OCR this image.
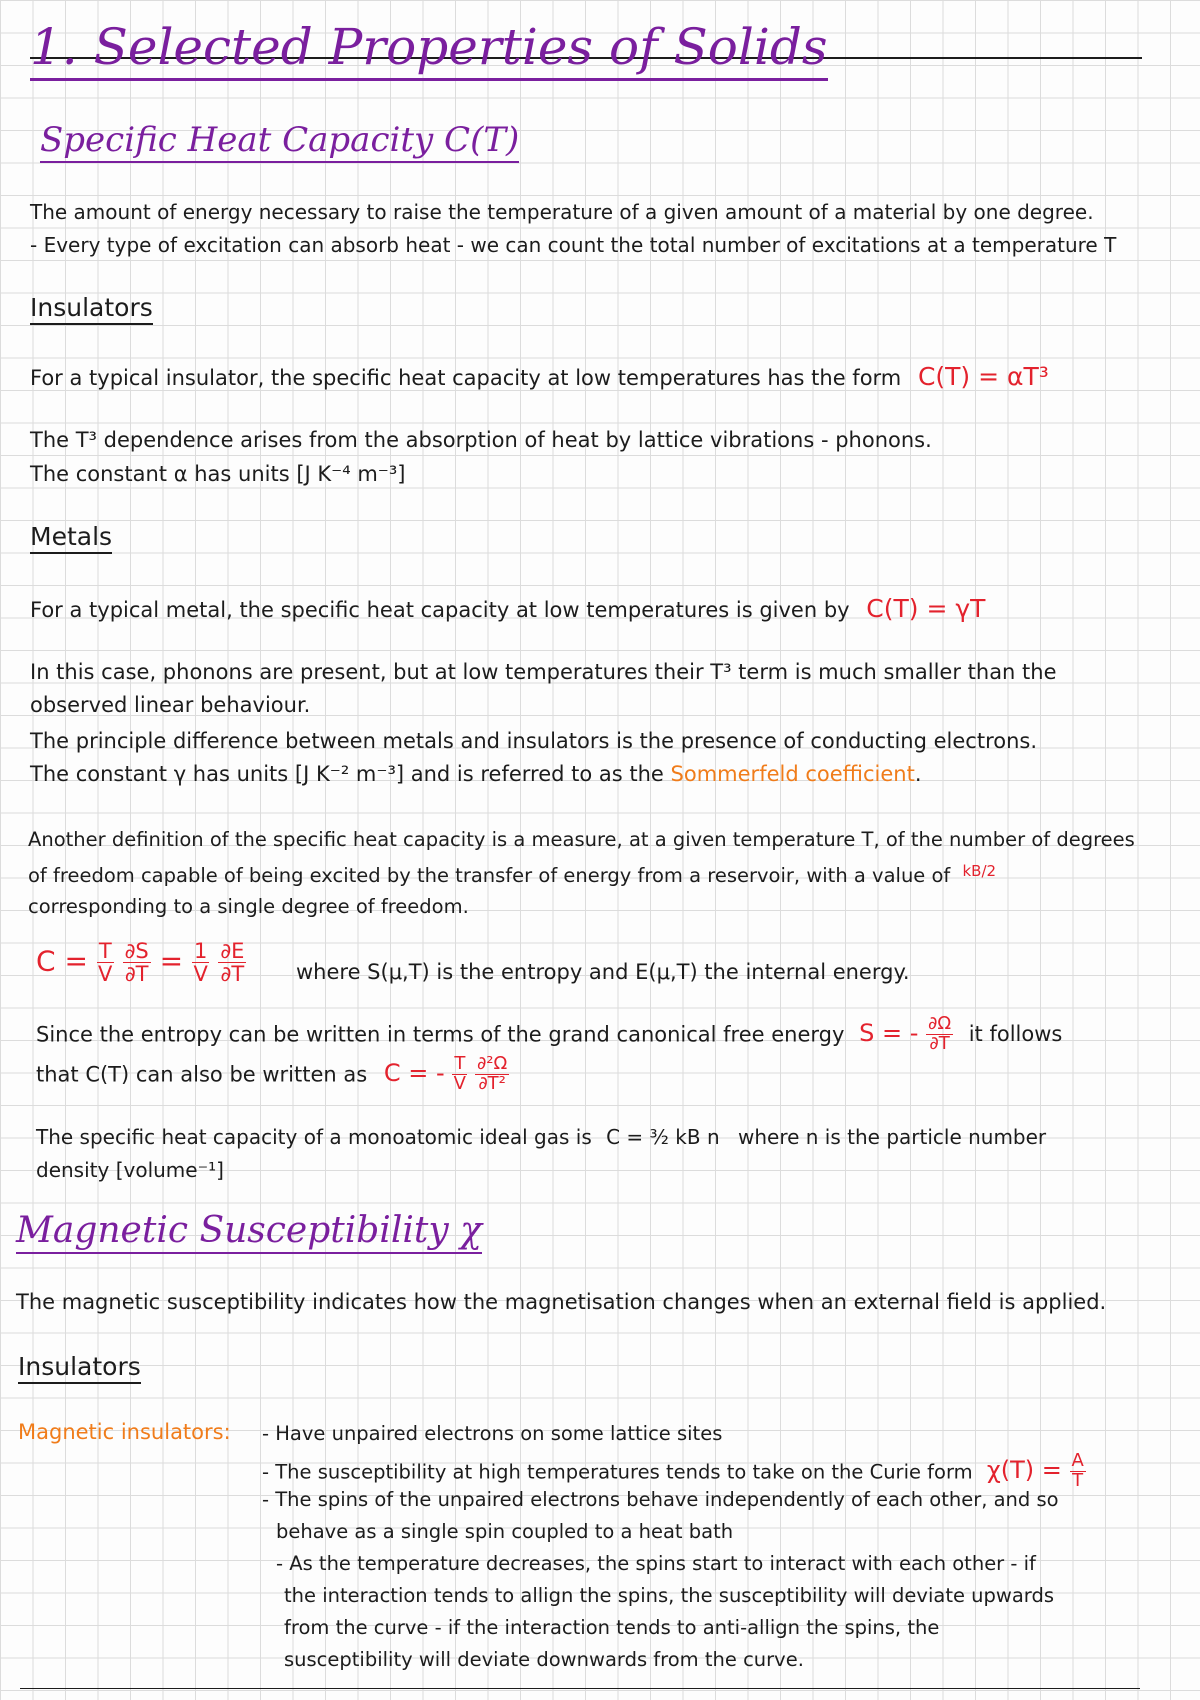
1. Selected Properties of Solids
Specific Heat Capacity C(T)
The amount of energy necessary to raise the temperature of a given amount of a material by one degree.
- Every type of excitation can absorb heat - we can count the total number of excitations at a temperature T
Insulators
For a typical insulator, the specific heat capacity at low temperatures has the form C(T) = αT³
The T³ dependence arises from the absorption of heat by lattice vibrations - phonons.
The constant α has units [J K⁻⁴ m⁻³]
Metals
For a typical metal, the specific heat capacity at low temperatures is given by C(T) = γT
In this case, phonons are present, but at low temperatures their T³ term is much smaller than the
observed linear behaviour.
The principle difference between metals and insulators is the presence of conducting electrons.
The constant γ has units [J K⁻² m⁻³] and is referred to as the Sommerfeld coefficient.
Another definition of the specific heat capacity is a measure, at a given temperature T, of the number of degrees
of freedom capable of being excited by the transfer of energy from a reservoir, with a value of $^{kB/2}$
corresponding to a single degree of freedom.
$C = \frac{T}{V}$
$\frac{\partial S}{\partial T} = \frac{1}{V}$
$\frac{\partial E}{\partial T}$ where S(μ,T) is the entropy and E(μ,T) the internal energy.
Since the entropy can be written in terms of the grand canonical free energy S = - $\frac{\partial\Omega}{\partial T}$ it follows
that C(T) can also be written as C = - $\frac{T}{V}$
$\frac{\text{∂²Ω}}{\text{∂T²}}$
The specific heat capacity of a monoatomic ideal gas is C = ³⁄₂ kB n where n is the particle number
density [volume⁻¹]
Magnetic Susceptibility χ
The magnetic susceptibility indicates how the magnetisation changes when an external field is applied.
Insulators
Magnetic insulators: - Have unpaired electrons on some lattice sites
- The susceptibility at high temperatures tends to take on the Curie form $\chi(T) = \frac{A}{T}$
- The spins of the unpaired electrons behave independently of each other, and so
behave as a single spin coupled to a heat bath
- As the temperature decreases, the spins start to interact with each other - if
the interaction tends to allign the spins, the susceptibility will deviate upwards
from the curve - if the interaction tends to anti-allign the spins, the
susceptibility will deviate downwards from the curve.
